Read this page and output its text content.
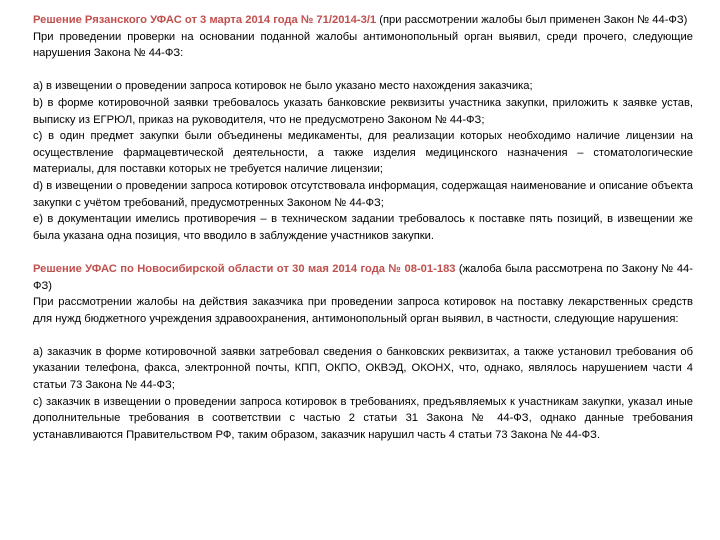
Решение Рязанского УФАС от 3 марта 2014 года № 71/2014-3/1 (при рассмотрении жалобы был применен Закон № 44-ФЗ)

При проведении проверки на основании поданной жалобы антимонопольный орган выявил, среди прочего, следующие нарушения Закона № 44-ФЗ:

а) в извещении о проведении запроса котировок не было указано место нахождения заказчика;

b) в форме котировочной заявки требовалось указать банковские реквизиты участника закупки, приложить к заявке устав, выписку из ЕГРЮЛ, приказ на руководителя, что не предусмотрено Законом № 44-ФЗ;

c) в один предмет закупки были объединены медикаменты, для реализации которых необходимо наличие лицензии на осуществление фармацевтической деятельности, а также изделия медицинского назначения – стоматологические материалы, для поставки которых не требуется наличие лицензии;

d) в извещении о проведении запроса котировок отсутствовала информация, содержащая наименование и описание объекта закупки с учётом требований, предусмотренных Законом № 44-ФЗ;

е) в документации имелись противоречия – в техническом задании требовалось к поставке пять позиций, в извещении же была указана одна позиция, что вводило в заблуждение участников закупки.

Решение УФАС по Новосибирской области от 30 мая 2014 года № 08-01-183 (жалоба была рассмотрена по Закону № 44-ФЗ)

При рассмотрении жалобы на действия заказчика при проведении запроса котировок на поставку лекарственных средств для нужд бюджетного учреждения здравоохранения, антимонопольный орган выявил, в частности, следующие нарушения:

а) заказчик в форме котировочной заявки затребовал сведения о банковских реквизитах, а также установил требования об указании телефона, факса, электронной почты, КПП, ОКПО, ОКВЭД, ОКОНХ, что, однако, являлось нарушением части 4 статьи 73 Закона № 44-ФЗ;

с) заказчик в извещении о проведении запроса котировок в требованиях, предъявляемых к участникам закупки, указал иные дополнительные требования в соответствии с частью 2 статьи 31 Закона № 44-ФЗ, однако данные требования устанавливаются Правительством РФ, таким образом, заказчик нарушил часть 4 статьи 73 Закона № 44-ФЗ.
